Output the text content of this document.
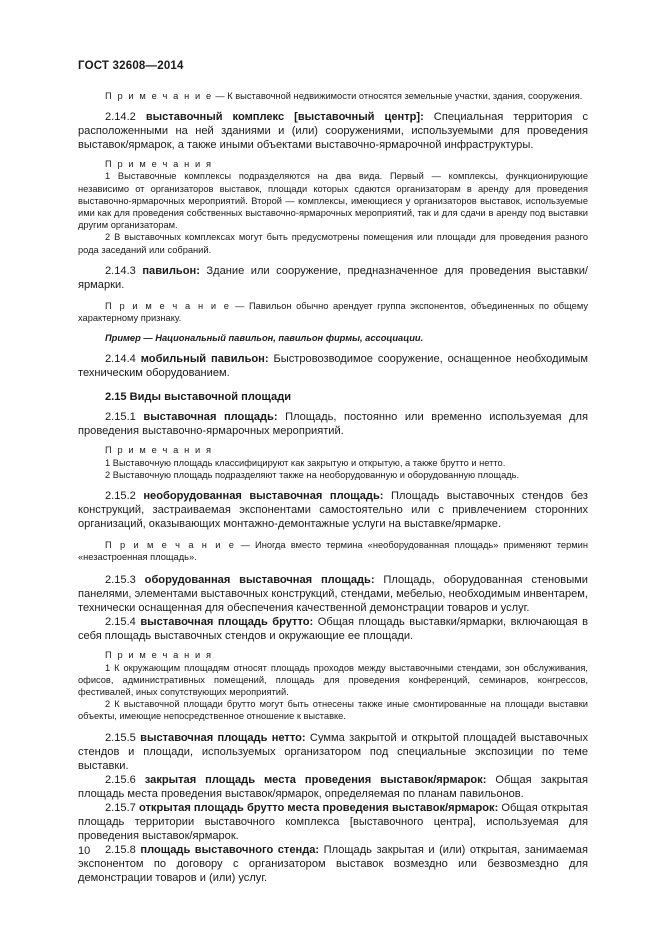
ГОСТ 32608—2014

П р и м е ч а н и е — К выставочной недвижимости относятся земельные участки, здания, сооружения.

2.14.2 выставочный комплекс [выставочный центр]: Специальная территория с расположенными на ней зданиями и (или) сооружениями, используемыми для проведения выставок/ярмарок, а также иными объектами выставочно-ярмарочной инфраструктуры.

П р и м е ч а н и я

1 Выставочные комплексы подразделяются на два вида. Первый — комплексы, функционирующие независимо от организаторов выставок, площади которых сдаются организаторам в аренду для проведения выставочно-ярмарочных мероприятий. Второй — комплексы, имеющиеся у организаторов выставок, используемые ими как для проведения собственных выставочно-ярмарочных мероприятий, так и для сдачи в аренду под выставки другим организаторам.

2 В выставочных комплексах могут быть предусмотрены помещения или площади для проведения разного рода заседаний или собраний.

2.14.3 павильон: Здание или сооружение, предназначенное для проведения выставки/ярмарки.

П р и м е ч а н и е — Павильон обычно арендует группа экспонентов, объединенных по общему характерному признаку.

Пример — Национальный павильон, павильон фирмы, ассоциации.

2.14.4 мобильный павильон: Быстровозводимое сооружение, оснащенное необходимым техническим оборудованием.

2.15 Виды выставочной площади

2.15.1 выставочная площадь: Площадь, постоянно или временно используемая для проведения выставочно-ярмарочных мероприятий.

П р и м е ч а н и я

1 Выставочную площадь классифицируют как закрытую и открытую, а также брутто и нетто.

2 Выставочную площадь подразделяют также на необорудованную и оборудованную площадь.

2.15.2 необорудованная выставочная площадь: Площадь выставочных стендов без конструкций, застраиваемая экспонентами самостоятельно или с привлечением сторонних организаций, оказывающих монтажно-демонтажные услуги на выставке/ярмарке.

П р и м е ч а н и е — Иногда вместо термина «необорудованная площадь» применяют термин «незастроенная площадь».

2.15.3 оборудованная выставочная площадь: Площадь, оборудованная стеновыми панелями, элементами выставочных конструкций, стендами, мебелью, необходимым инвентарем, технически оснащенная для обеспечения качественной демонстрации товаров и услуг.

2.15.4 выставочная площадь брутто: Общая площадь выставки/ярмарки, включающая в себя площадь выставочных стендов и окружающие ее площади.

П р и м е ч а н и я

1 К окружающим площадям относят площадь проходов между выставочными стендами, зон обслуживания, офисов, административных помещений, площадь для проведения конференций, семинаров, конгрессов, фестивалей, иных сопутствующих мероприятий.

2 К выставочной площади брутто могут быть отнесены также иные смонтированные на площади выставки объекты, имеющие непосредственное отношение к выставке.

2.15.5 выставочная площадь нетто: Сумма закрытой и открытой площадей выставочных стендов и площади, используемых организатором под специальные экспозиции по теме выставки.

2.15.6 закрытая площадь места проведения выставок/ярмарок: Общая закрытая площадь места проведения выставок/ярмарок, определяемая по планам павильонов.

2.15.7 открытая площадь брутто места проведения выставок/ярмарок: Общая открытая площадь территории выставочного комплекса [выставочного центра], используемая для проведения выставок/ярмарок.

2.15.8 площадь выставочного стенда: Площадь закрытая и (или) открытая, занимаемая экспонентом по договору с организатором выставок возмездно или безвозмездно для демонстрации товаров и (или) услуг.

10
